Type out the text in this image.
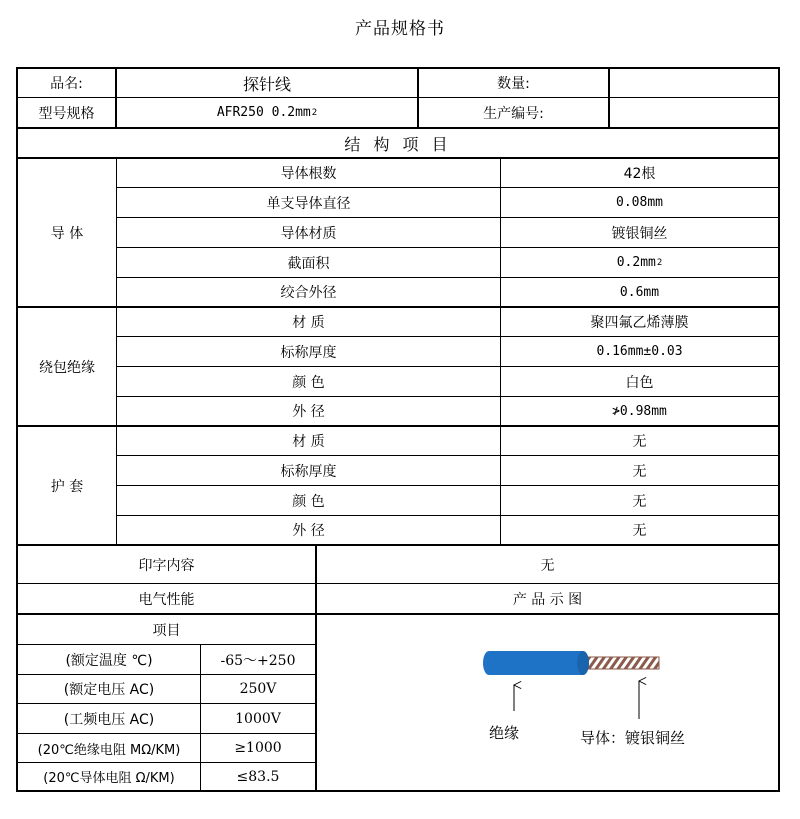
产品规格书
品名:	探针线	数量:
型号规格	AFR250 0.2mm 2	生产编号:
结 构 项 目
导 体
导体根数	42根
单支导体直径	0.08mm
导体材质	镀银铜丝
截面积	0.2mm 2
绞合外径	0.6mm
绕包绝缘
材 质	聚四氟乙烯薄膜
标称厚度	0.16mm±0.03
颜 色	白色
外 径	≯0.98mm
护 套
材 质	无
标称厚度	无
颜 色	无
外 径	无
印字内容	无
电气性能	产 品 示 图
项目
(额定温度 ℃)	-65～+250
(额定电压 AC)	250V
(工频电压 AC)	1000V
(20℃绝缘电阻 MΩ/KM)	≥1000
(20℃导体电阻 Ω/KM)	≤83.5
绝缘	导体：镀银铜丝
